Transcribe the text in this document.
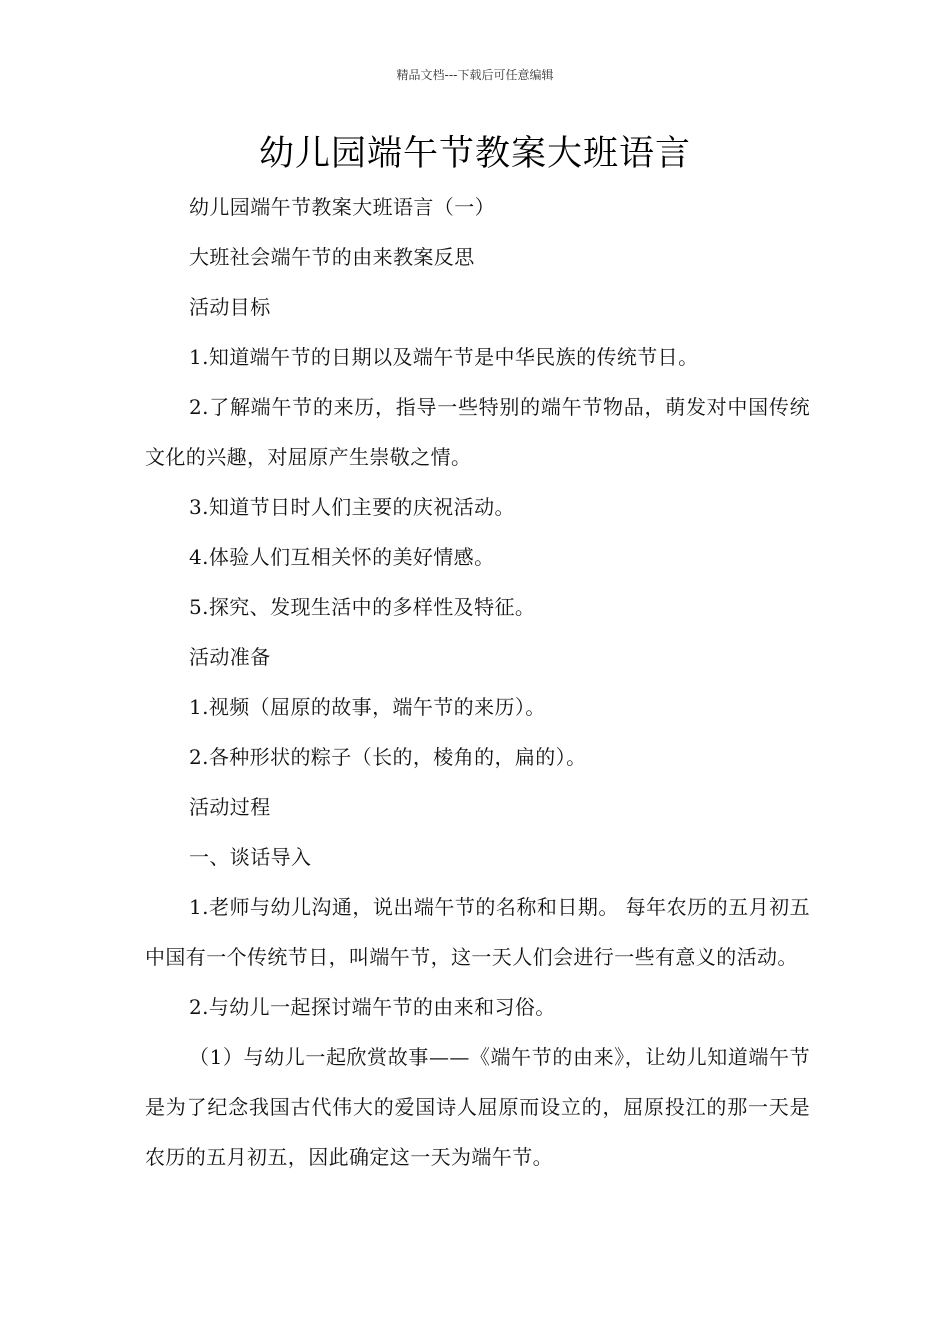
精品文档---下载后可任意编辑
幼儿园端午节教案大班语言

幼儿园端午节教案大班语言（一）

大班社会端午节的由来教案反思

活动目标

1.知道端午节的日期以及端午节是中华民族的传统节日。

2.了解端午节的来历，指导一些特别的端午节物品，萌发对中国传统文化的兴趣，对屈原产生崇敬之情。

3.知道节日时人们主要的庆祝活动。

4.体验人们互相关怀的美好情感。

5.探究、发现生活中的多样性及特征。

活动准备

1.视频（屈原的故事，端午节的来历）。

2.各种形状的粽子（长的，棱角的，扁的）。

活动过程

一、谈话导入

1.老师与幼儿沟通，说出端午节的名称和日期。 每年农历的五月初五中国有一个传统节日，叫端午节，这一天人们会进行一些有意义的活动。

2.与幼儿一起探讨端午节的由来和习俗。

（1）与幼儿一起欣赏故事——《端午节的由来》，让幼儿知道端午节是为了纪念我国古代伟大的爱国诗人屈原而设立的，屈原投江的那一天是农历的五月初五，因此确定这一天为端午节。
